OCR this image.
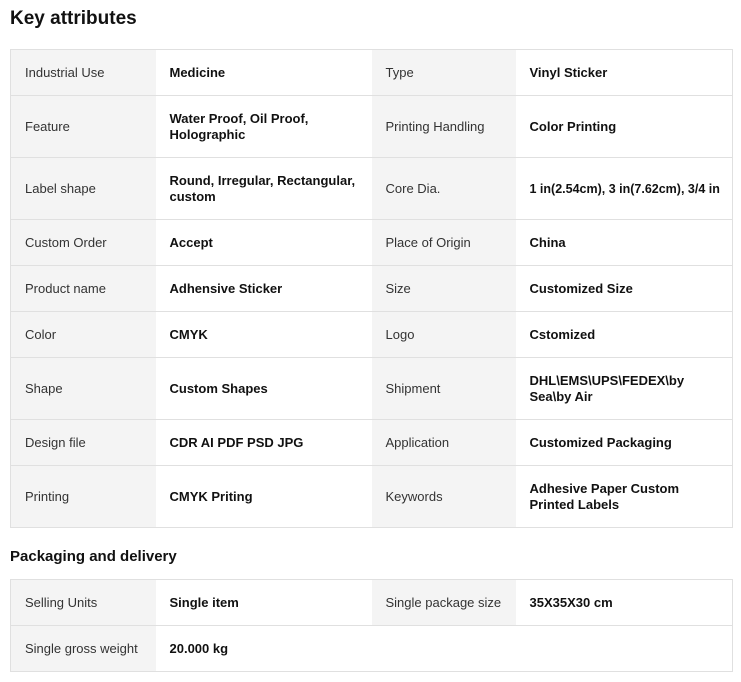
Key attributes
Industrial Use	Medicine	Type	Vinyl Sticker
Feature	Water Proof, Oil Proof, Holographic	Printing Handling	Color Printing
Label shape	Round, Irregular, Rectangular, custom	Core Dia.	1 in(2.54cm), 3 in(7.62cm), 3/4 in
Custom Order	Accept	Place of Origin	China
Product name	Adhensive Sticker	Size	Customized Size
Color	CMYK	Logo	Cstomized
Shape	Custom Shapes	Shipment	DHL\EMS\UPS\FEDEX\by Sea\by Air
Design file	CDR AI PDF PSD JPG	Application	Customized Packaging
Printing	CMYK Priting	Keywords	Adhesive Paper Custom Printed Labels
Packaging and delivery
Selling Units	Single item	Single package size	35X35X30 cm
Single gross weight	20.000 kg		
